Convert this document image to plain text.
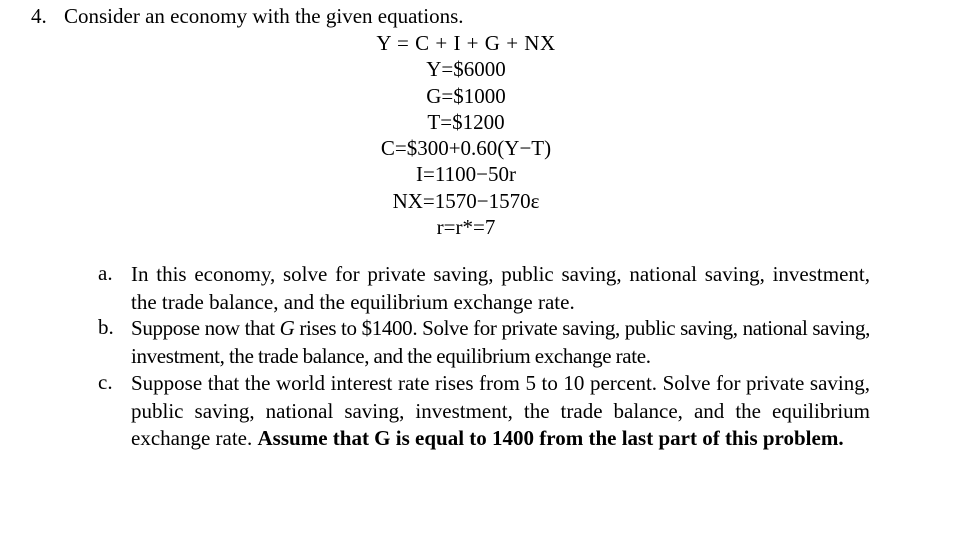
4. Consider an economy with the given equations.
Y = C + I + G + NX
Y=$6000
G=$1000
T=$1200
C=$300+0.60(Y−T)
I=1100−50r
NX=1570−1570ε
r=r*=7
a. In this economy, solve for private saving, public saving, national saving, investment, the trade balance, and the equilibrium exchange rate.
b. Suppose now that G rises to $1400. Solve for private saving, public saving, national saving, investment, the trade balance, and the equilibrium exchange rate.
c. Suppose that the world interest rate rises from 5 to 10 percent. Solve for private saving, public saving, national saving, investment, the trade balance, and the equilibrium exchange rate. Assume that G is equal to 1400 from the last part of this problem.
